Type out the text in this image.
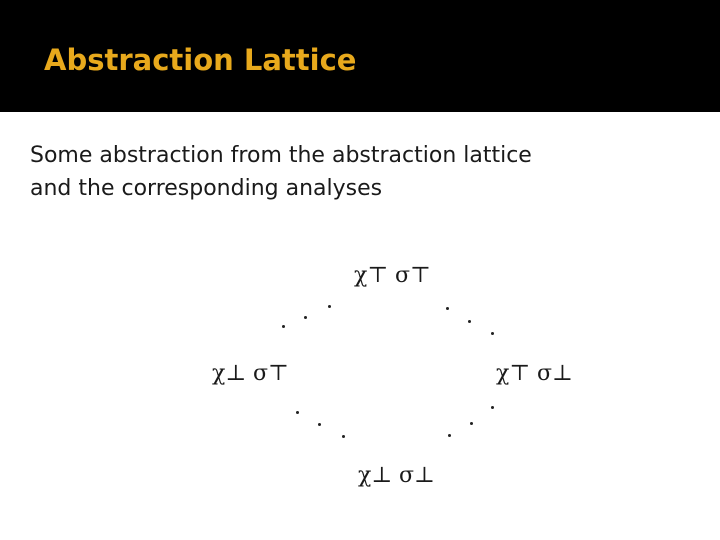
Abstraction Lattice
Some abstraction from the abstraction lattice
and the corresponding analyses
χ⊤ σ⊤
χ⊥ σ⊤	χ⊤ σ⊥
χ⊥ σ⊥
